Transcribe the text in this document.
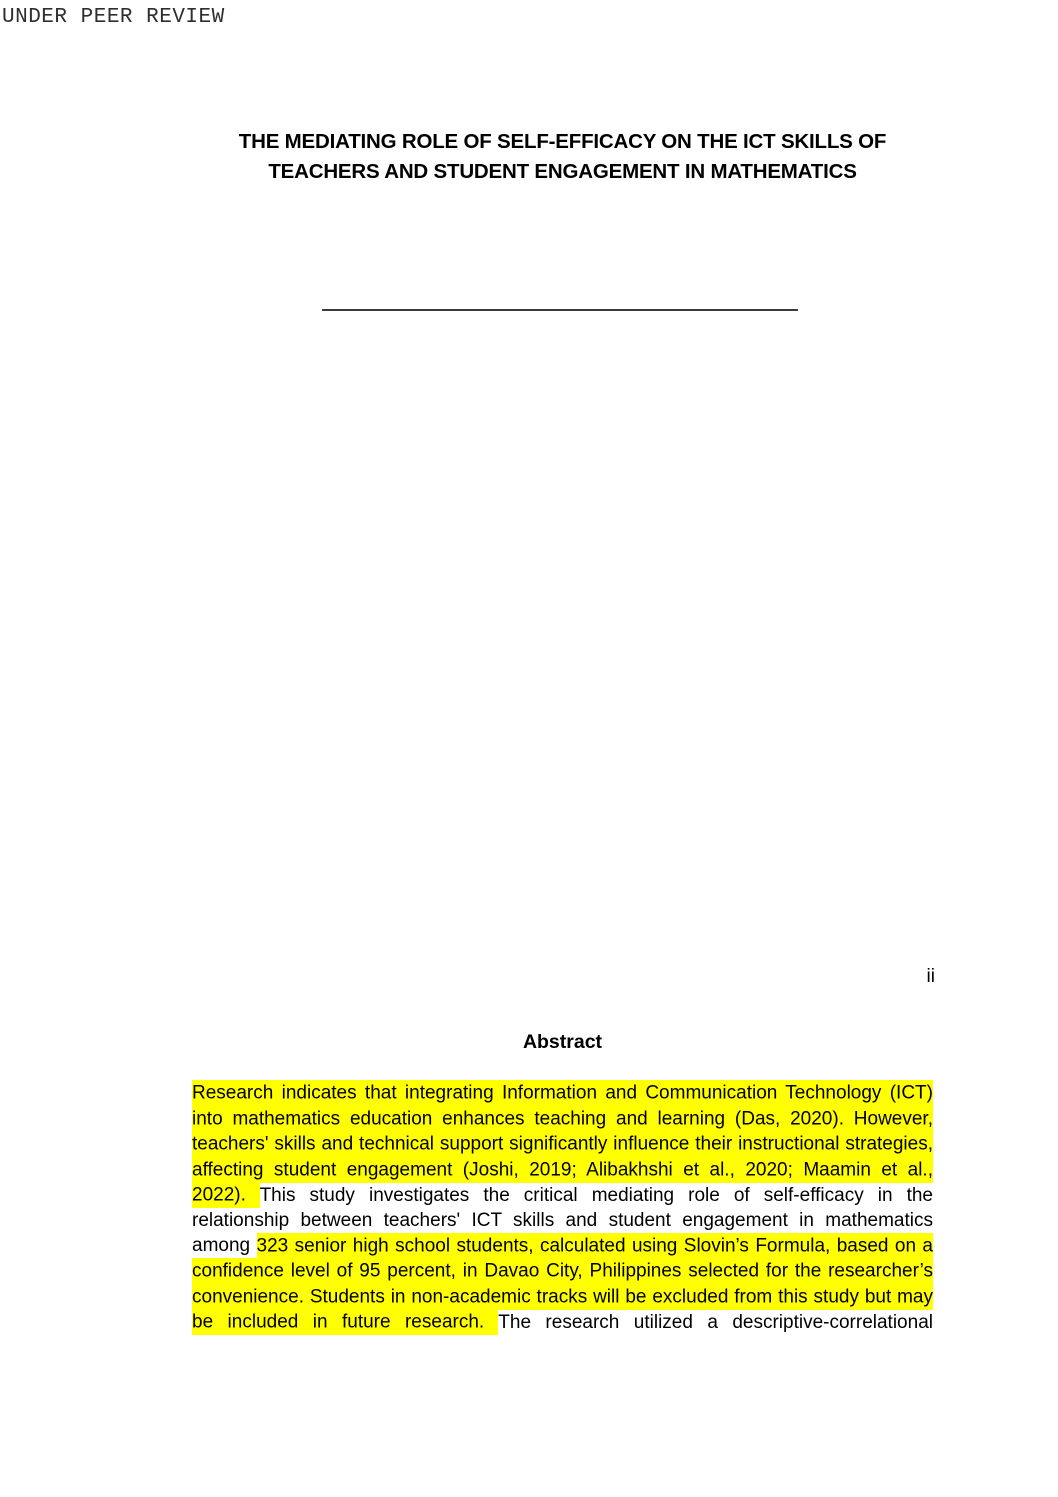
UNDER PEER REVIEW
THE MEDIATING ROLE OF SELF-EFFICACY ON THE ICT SKILLS OF
TEACHERS AND STUDENT ENGAGEMENT IN MATHEMATICS
ii
Abstract
Research indicates that integrating Information and Communication Technology (ICT) into mathematics education enhances teaching and learning (Das, 2020). However, teachers' skills and technical support significantly influence their instructional strategies, affecting student engagement (Joshi, 2019; Alibakhshi et al., 2020; Maamin et al., 2022). This study investigates the critical mediating role of self-efficacy in the relationship between teachers' ICT skills and student engagement in mathematics among 323 senior high school students, calculated using Slovin’s Formula, based on a confidence level of 95 percent, in Davao City, Philippines selected for the researcher’s convenience. Students in non-academic tracks will be excluded from this study but may be included in future research. The research utilized a descriptive-correlational
